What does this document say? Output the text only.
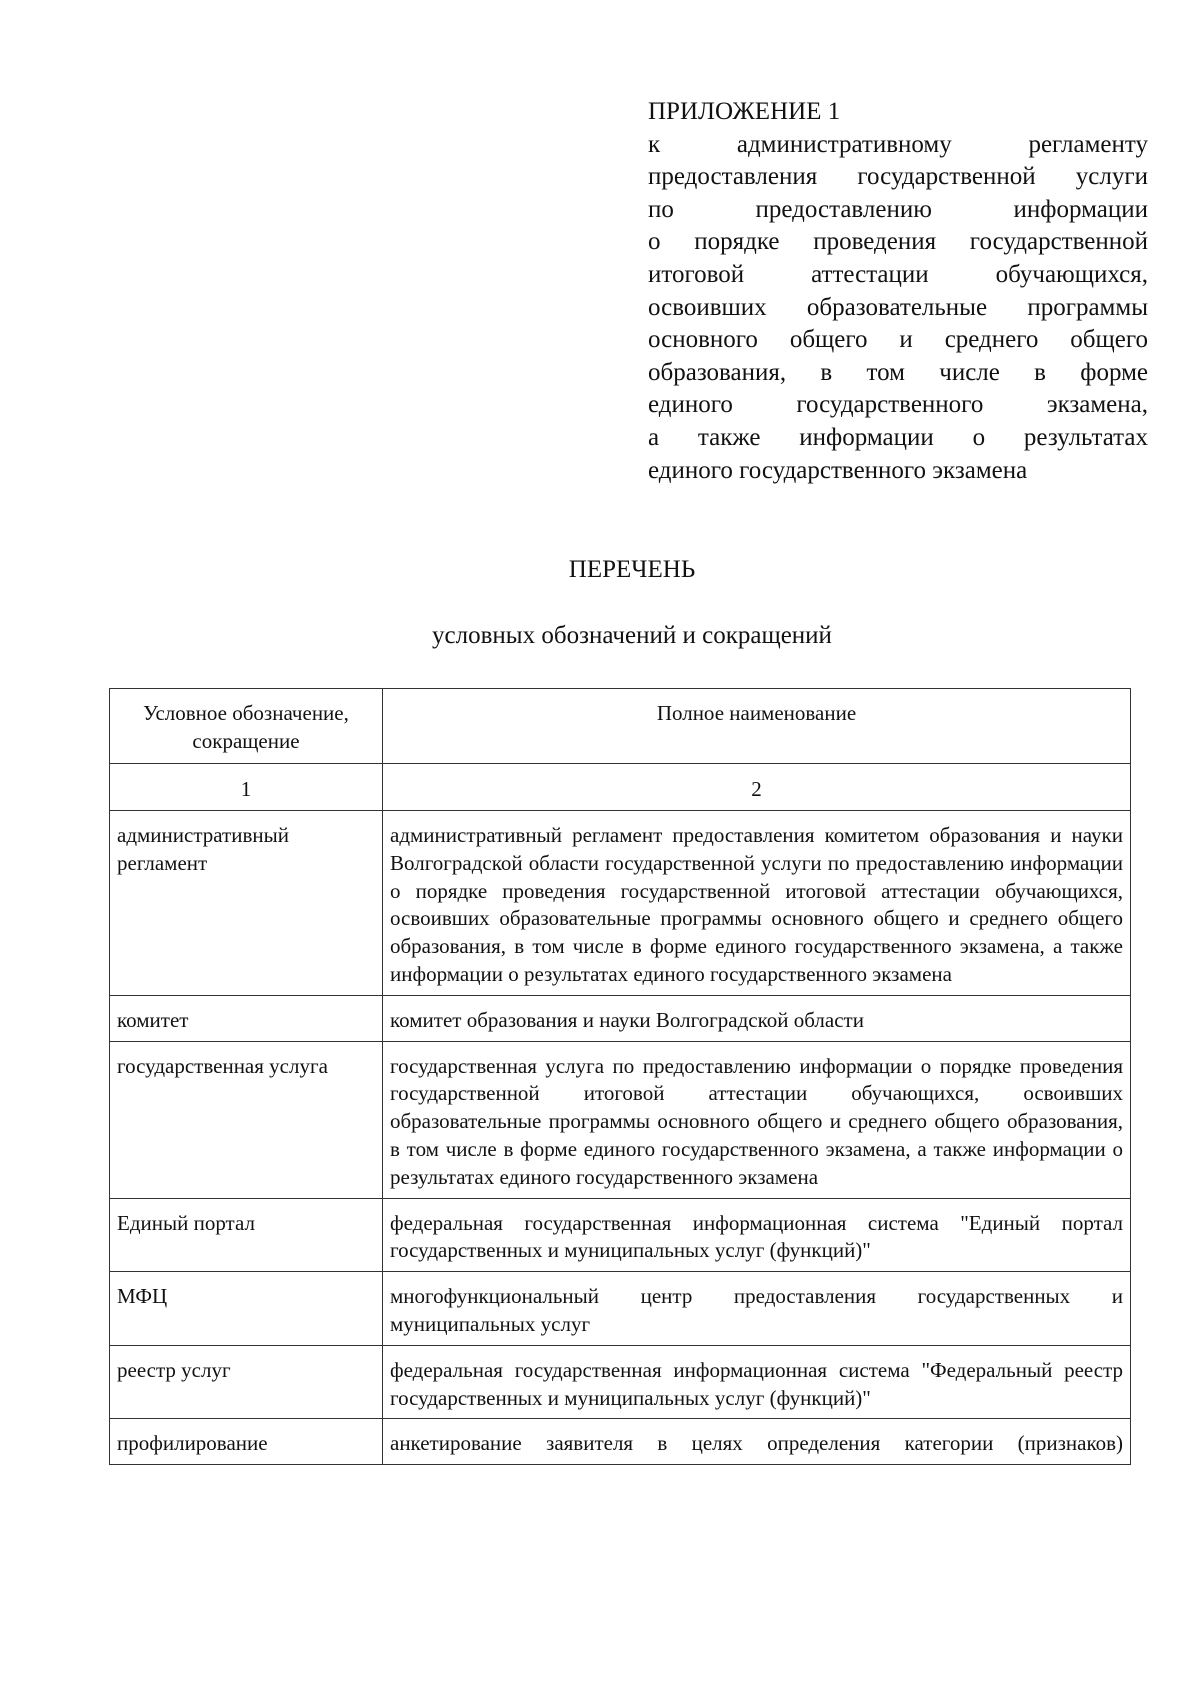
ПРИЛОЖЕНИЕ 1
к административному регламенту
предоставления государственной услуги
по предоставлению информации
о порядке проведения государственной
итоговой аттестации обучающихся,
освоивших образовательные программы
основного общего и среднего общего
образования, в том числе в форме
единого государственного экзамена,
а также информации о результатах
единого государственного экзамена
ПЕРЕЧЕНЬ
условных обозначений и сокращений
Условное обозначение, сокращение	Полное наименование
1	2
административный регламент	административный регламент предоставления комитетом образования и науки Волгоградской области государственной услуги по предоставлению информации о порядке проведения государственной итоговой аттестации обучающихся, освоивших образовательные программы основного общего и среднего общего образования, в том числе в форме единого государственного экзамена, а также информации о результатах единого государственного экзамена
комитет	комитет образования и науки Волгоградской области
государственная услуга	государственная услуга по предоставлению информации о порядке проведения государственной итоговой аттестации обучающихся, освоивших образовательные программы основного общего и среднего общего образования, в том числе в форме единого государственного экзамена, а также информации о результатах единого государственного экзамена
Единый портал	федеральная государственная информационная система "Единый портал государственных и муниципальных услуг (функций)"
МФЦ	многофункциональный центр предоставления государственных и муниципальных услуг
реестр услуг	федеральная государственная информационная система "Федеральный реестр государственных и муниципальных услуг (функций)"
профилирование	анкетирование заявителя в целях определения категории (признаков)
